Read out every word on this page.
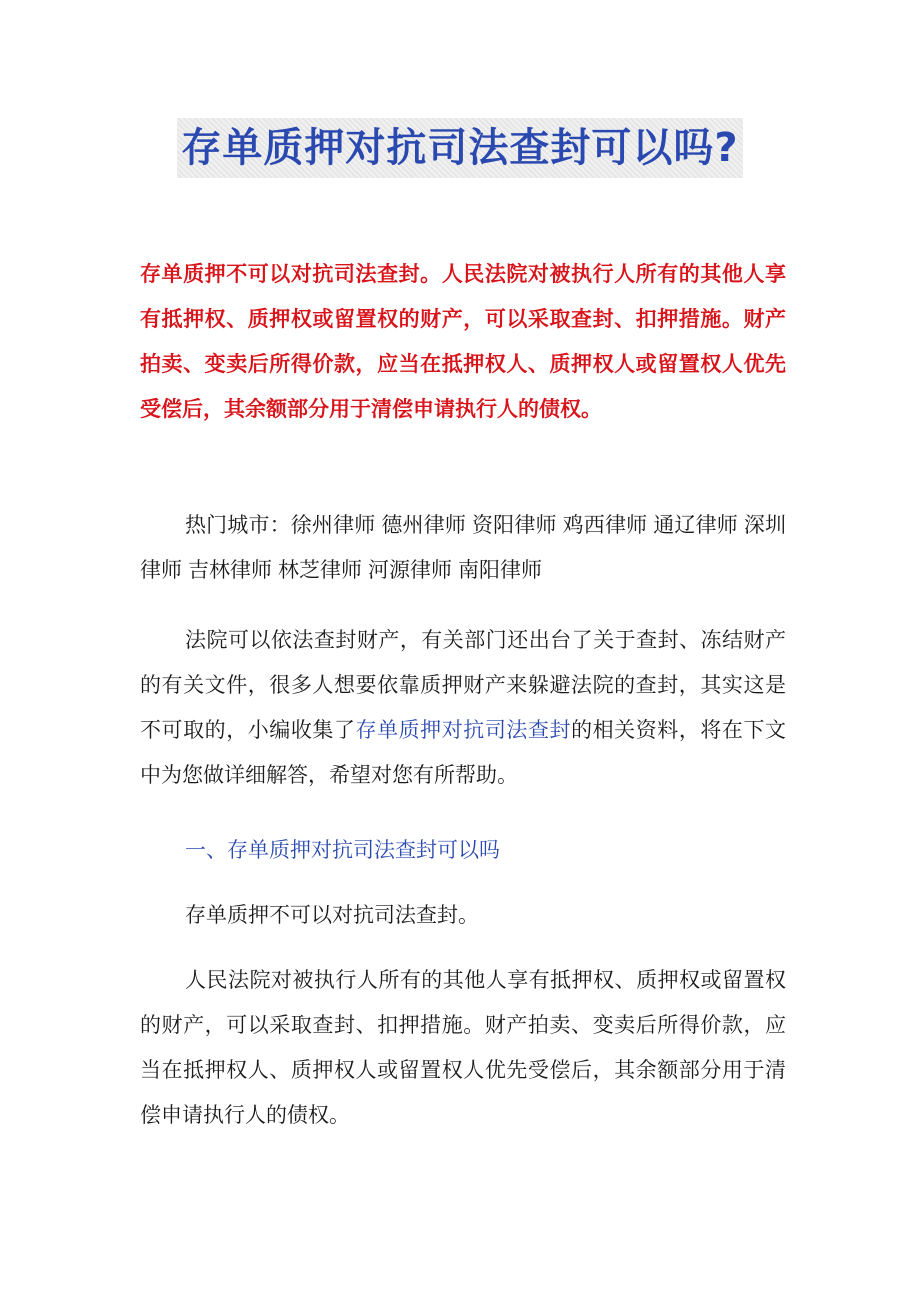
存单质押对抗司法查封可以吗?

存单质押不可以对抗司法查封。人民法院对被执行人所有的其他人享有抵押权、质押权或留置权的财产，可以采取查封、扣押措施。财产拍卖、变卖后所得价款，应当在抵押权人、质押权人或留置权人优先受偿后，其余额部分用于清偿申请执行人的债权。

热门城市：徐州律师 德州律师 资阳律师 鸡西律师 通辽律师 深圳律师 吉林律师 林芝律师 河源律师 南阳律师

法院可以依法查封财产，有关部门还出台了关于查封、冻结财产的有关文件，很多人想要依靠质押财产来躲避法院的查封，其实这是不可取的，小编收集了存单质押对抗司法查封的相关资料，将在下文中为您做详细解答，希望对您有所帮助。

一、存单质押对抗司法查封可以吗

存单质押不可以对抗司法查封。

人民法院对被执行人所有的其他人享有抵押权、质押权或留置权的财产，可以采取查封、扣押措施。财产拍卖、变卖后所得价款，应当在抵押权人、质押权人或留置权人优先受偿后，其余额部分用于清偿申请执行人的债权。
